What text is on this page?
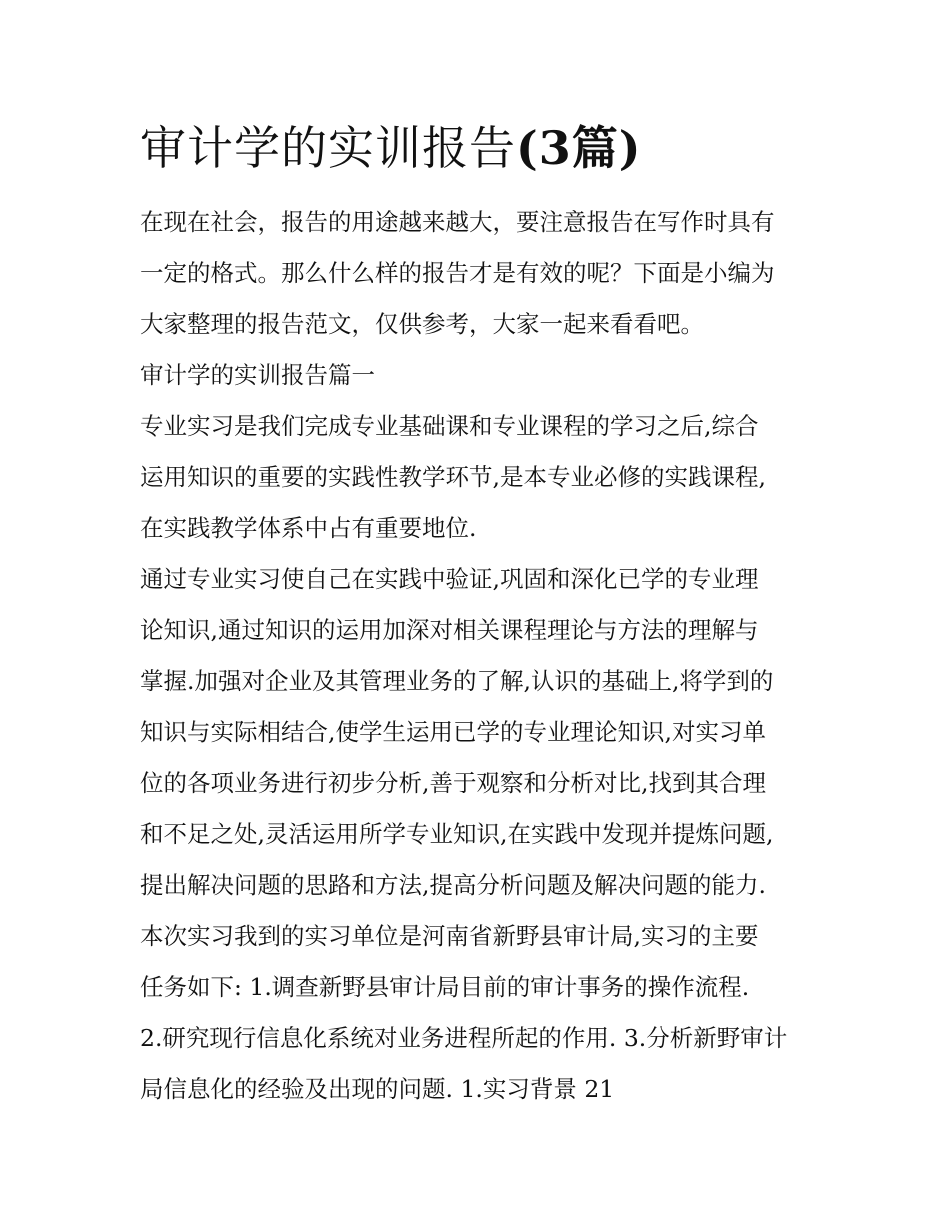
审计学的实训报告(3篇)

在现在社会，报告的用途越来越大，要注意报告在写作时具有

一定的格式。那么什么样的报告才是有效的呢？下面是小编为

大家整理的报告范文，仅供参考，大家一起来看看吧。

审计学的实训报告篇一

专业实习是我们完成专业基础课和专业课程的学习之后,综合

运用知识的重要的实践性教学环节,是本专业必修的实践课程,

在实践教学体系中占有重要地位.

通过专业实习使自己在实践中验证,巩固和深化已学的专业理

论知识,通过知识的运用加深对相关课程理论与方法的理解与

掌握.加强对企业及其管理业务的了解,认识的基础上,将学到的

知识与实际相结合,使学生运用已学的专业理论知识,对实习单

位的各项业务进行初步分析,善于观察和分析对比,找到其合理

和不足之处,灵活运用所学专业知识,在实践中发现并提炼问题,

提出解决问题的思路和方法,提高分析问题及解决问题的能力.

本次实习我到的实习单位是河南省新野县审计局,实习的主要

任务如下: 1.调查新野县审计局目前的审计事务的操作流程.

2.研究现行信息化系统对业务进程所起的作用. 3.分析新野审计

局信息化的经验及出现的问题. 1.实习背景 21
